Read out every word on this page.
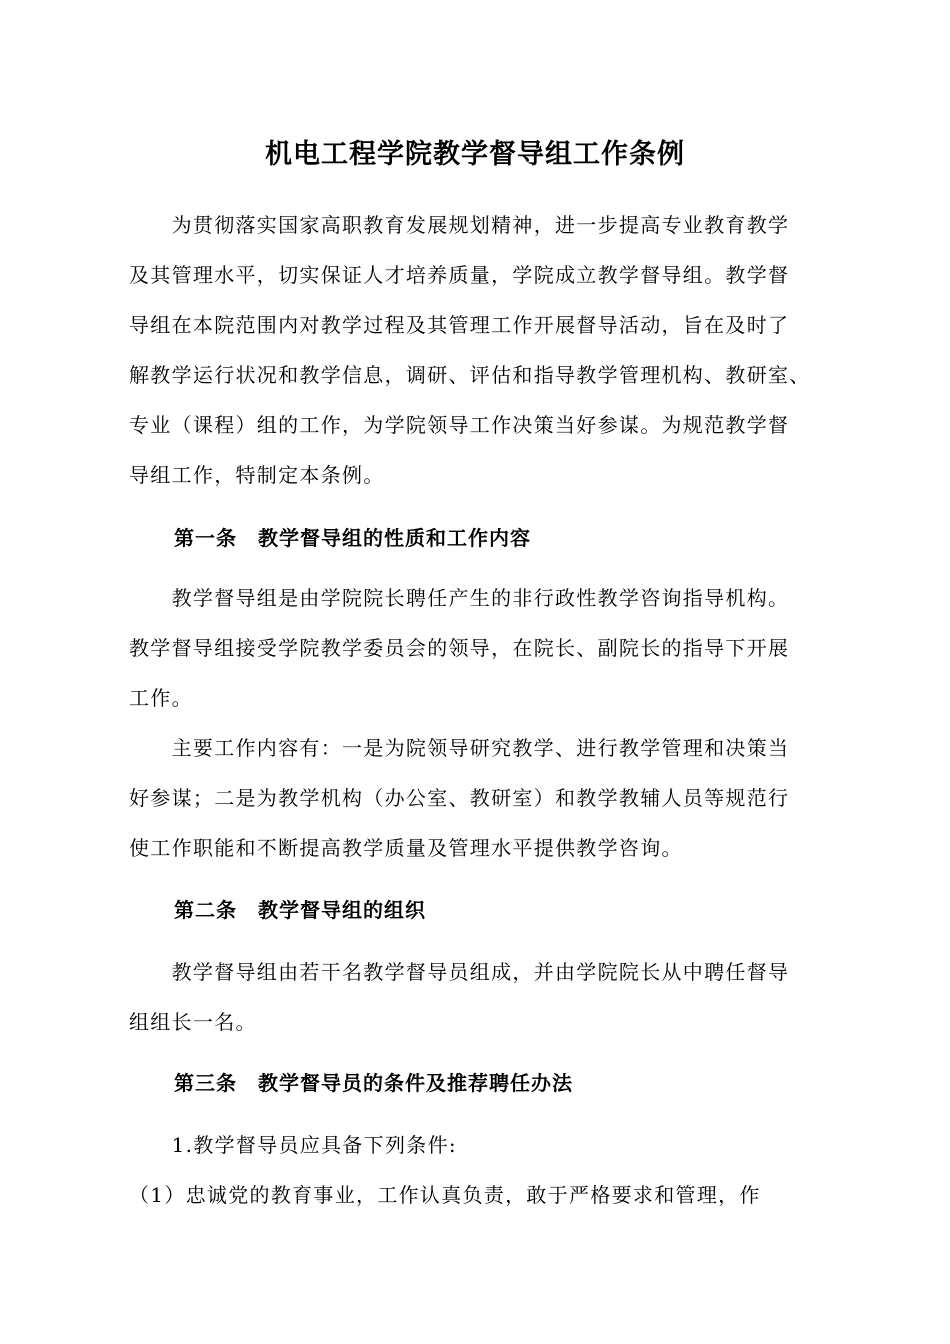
机电工程学院教学督导组工作条例
　　为贯彻落实国家高职教育发展规划精神，进一步提高专业教育教学
及其管理水平，切实保证人才培养质量，学院成立教学督导组。教学督
导组在本院范围内对教学过程及其管理工作开展督导活动，旨在及时了
解教学运行状况和教学信息，调研、评估和指导教学管理机构、教研室、
专业（课程）组的工作，为学院领导工作决策当好参谋。为规范教学督
导组工作，特制定本条例。
第一条　教学督导组的性质和工作内容
　　教学督导组是由学院院长聘任产生的非行政性教学咨询指导机构。
教学督导组接受学院教学委员会的领导，在院长、副院长的指导下开展
工作。
　　主要工作内容有：一是为院领导研究教学、进行教学管理和决策当
好参谋；二是为教学机构（办公室、教研室）和教学教辅人员等规范行
使工作职能和不断提高教学质量及管理水平提供教学咨询。
第二条　教学督导组的组织
　　教学督导组由若干名教学督导员组成，并由学院院长从中聘任督导
组组长一名。
第三条　教学督导员的条件及推荐聘任办法
　　1.教学督导员应具备下列条件:
（1）忠诚党的教育事业，工作认真负责，敢于严格要求和管理，作
